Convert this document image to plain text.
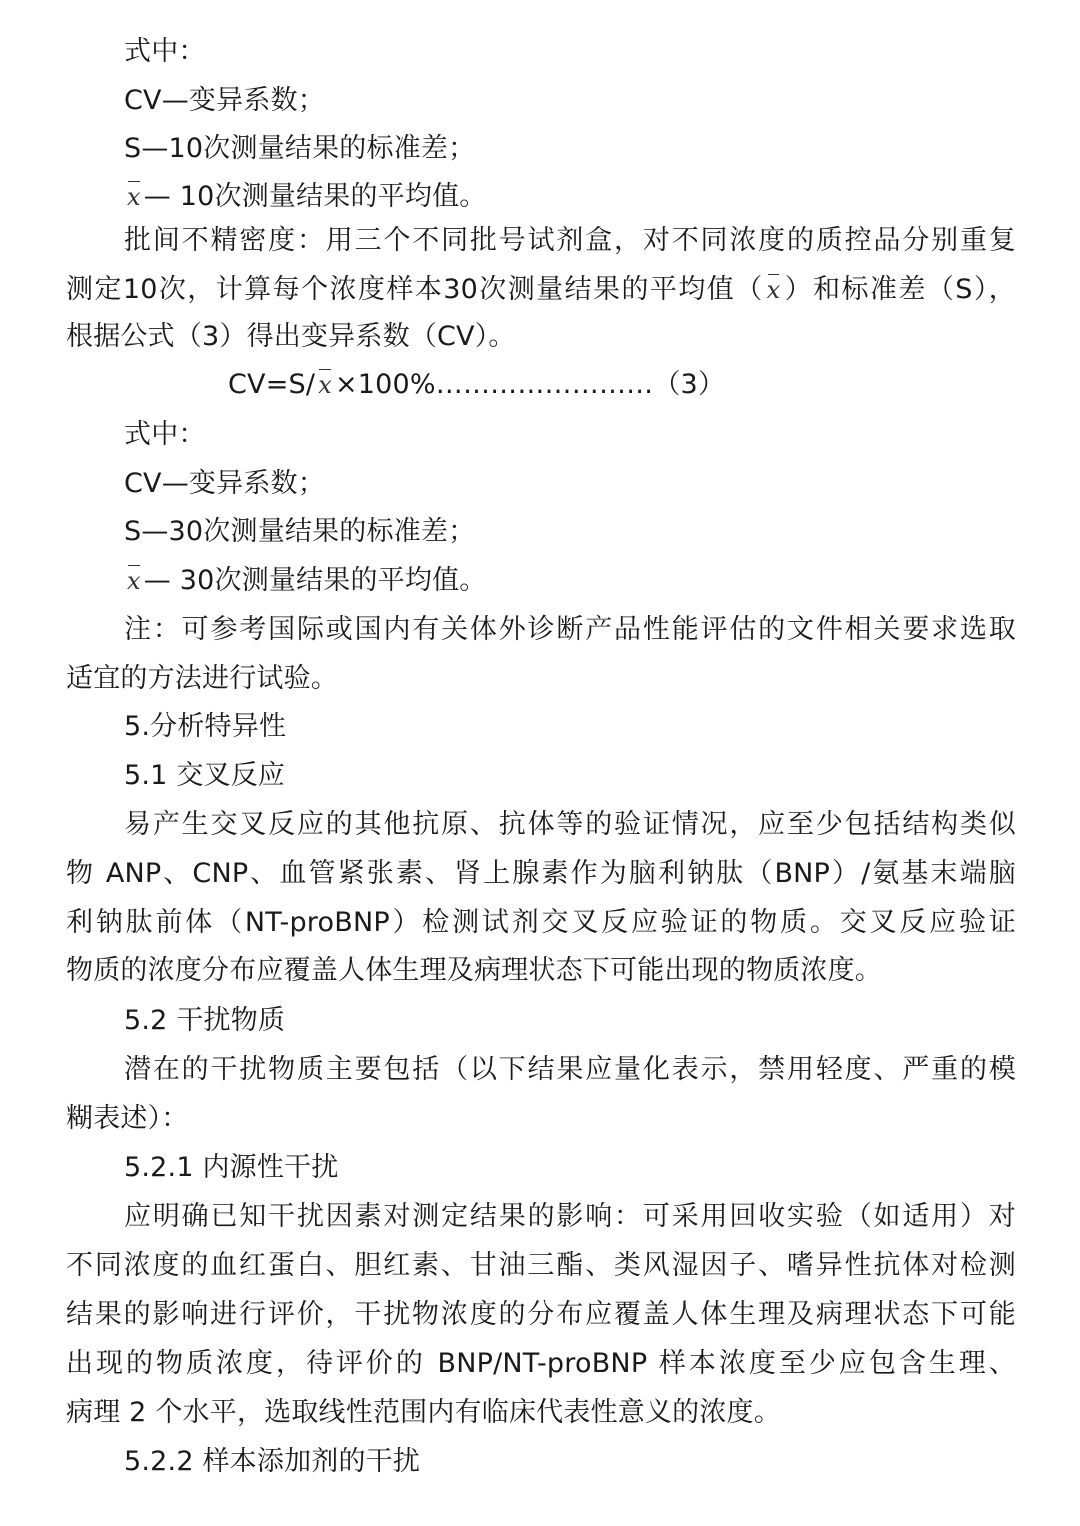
式中：
CV—变异系数；
S—10次测量结果的标准差；
x — 10次测量结果的平均值。
批间不精密度：用三个不同批号试剂盒，对不同浓度的质控品分别重复
测定10次，计算每个浓度样本30次测量结果的平均值（ x ）和标准差（S），
根据公式（3）得出变异系数（CV）。
CV=S/ x ×100%……………………（3）
式中：
CV—变异系数；
S—30次测量结果的标准差；
x — 30次测量结果的平均值。
注：可参考国际或国内有关体外诊断产品性能评估的文件相关要求选取
适宜的方法进行试验。
5.分析特异性
5.1 交叉反应
易产生交叉反应的其他抗原、抗体等的验证情况，应至少包括结构类似
物 ANP、CNP、血管紧张素、肾上腺素作为脑利钠肽（BNP）/氨基末端脑
利钠肽前体（NT-proBNP）检测试剂交叉反应验证的物质。交叉反应验证
物质的浓度分布应覆盖人体生理及病理状态下可能出现的物质浓度。
5.2 干扰物质
潜在的干扰物质主要包括（以下结果应量化表示，禁用轻度、严重的模
糊表述）：
5.2.1 内源性干扰
应明确已知干扰因素对测定结果的影响：可采用回收实验（如适用）对
不同浓度的血红蛋白、胆红素、甘油三酯、类风湿因子、嗜异性抗体对检测
结果的影响进行评价，干扰物浓度的分布应覆盖人体生理及病理状态下可能
出现的物质浓度，待评价的 BNP/NT-proBNP 样本浓度至少应包含生理、
病理 2 个水平，选取线性范围内有临床代表性意义的浓度。
5.2.2 样本添加剂的干扰
